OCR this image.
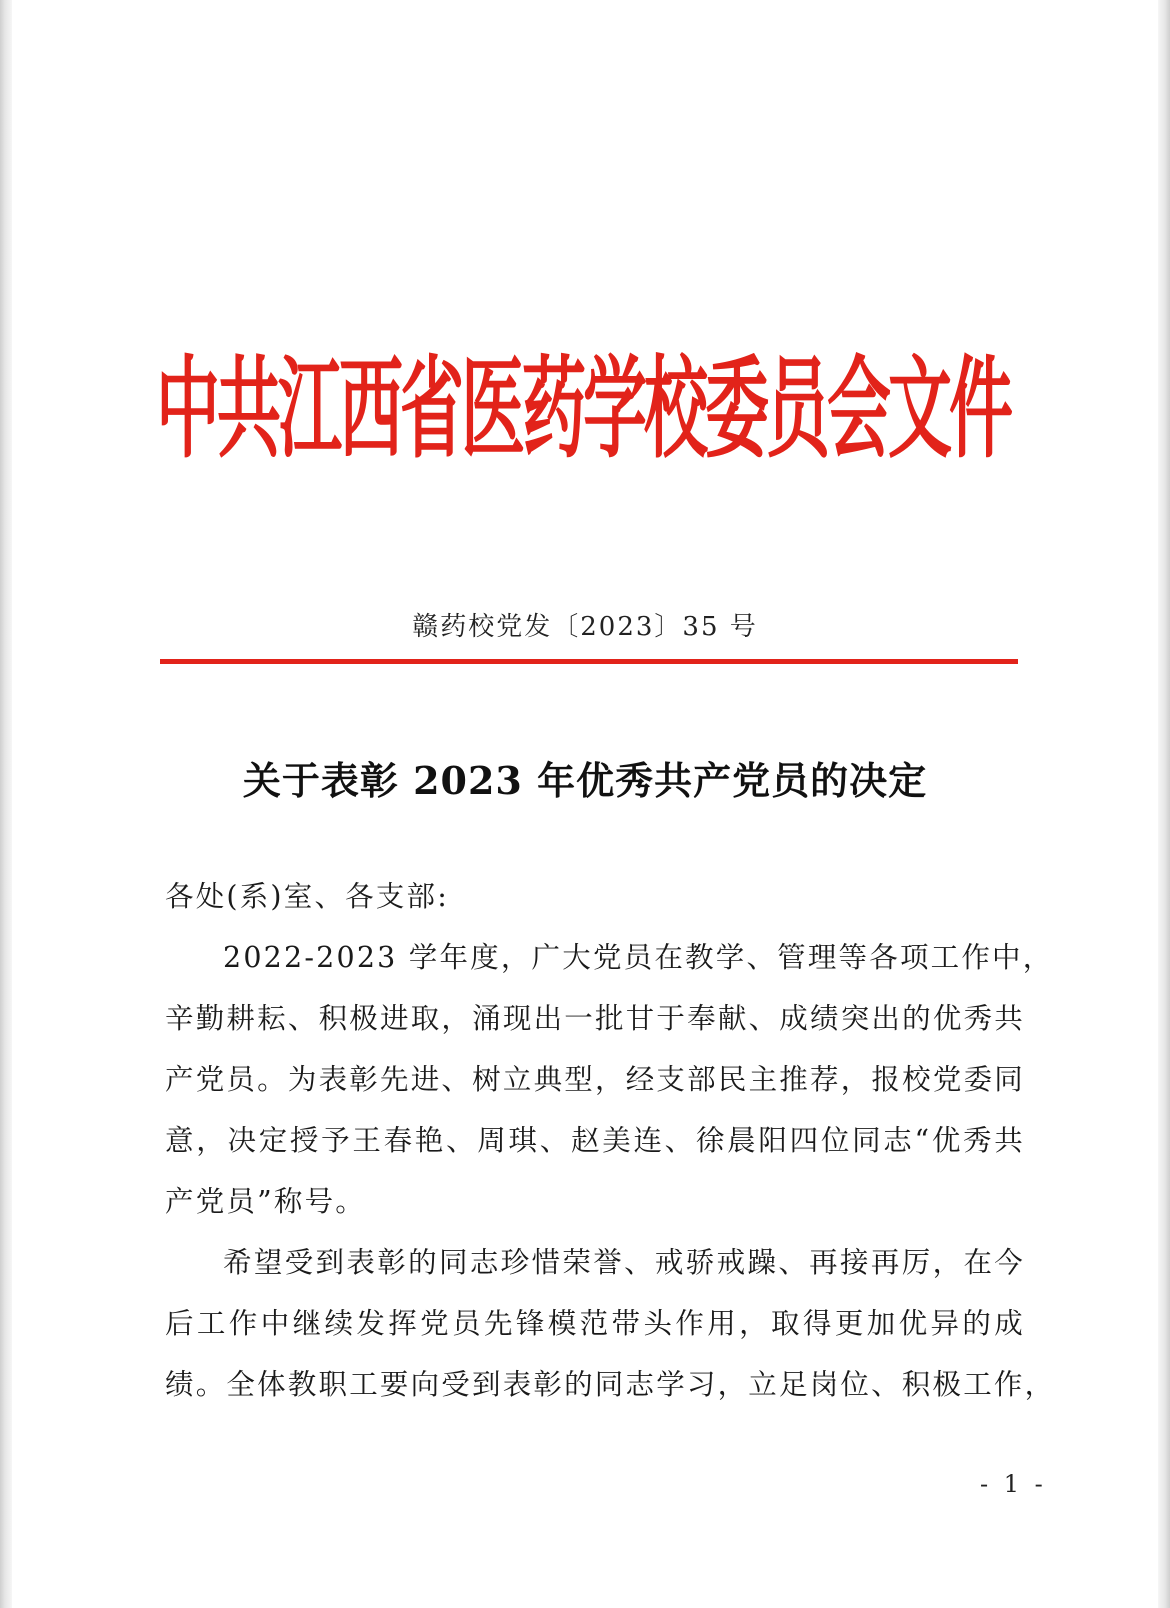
中共江西省医药学校委员会文件
赣药校党发〔2023〕35 号
关于表彰 2023 年优秀共产党员的决定
各处(系)室、各支部:
2022-2023 学年度，广大党员在教学、管理等各项工作中，
辛勤耕耘、积极进取，涌现出一批甘于奉献、成绩突出的优秀共
产党员。为表彰先进、树立典型，经支部民主推荐，报校党委同
意，决定授予王春艳、周琪、赵美连、徐晨阳四位同志“优秀共
产党员”称号。
希望受到表彰的同志珍惜荣誉、戒骄戒躁、再接再厉，在今
后工作中继续发挥党员先锋模范带头作用，取得更加优异的成
绩。全体教职工要向受到表彰的同志学习，立足岗位、积极工作，
- 1 -
